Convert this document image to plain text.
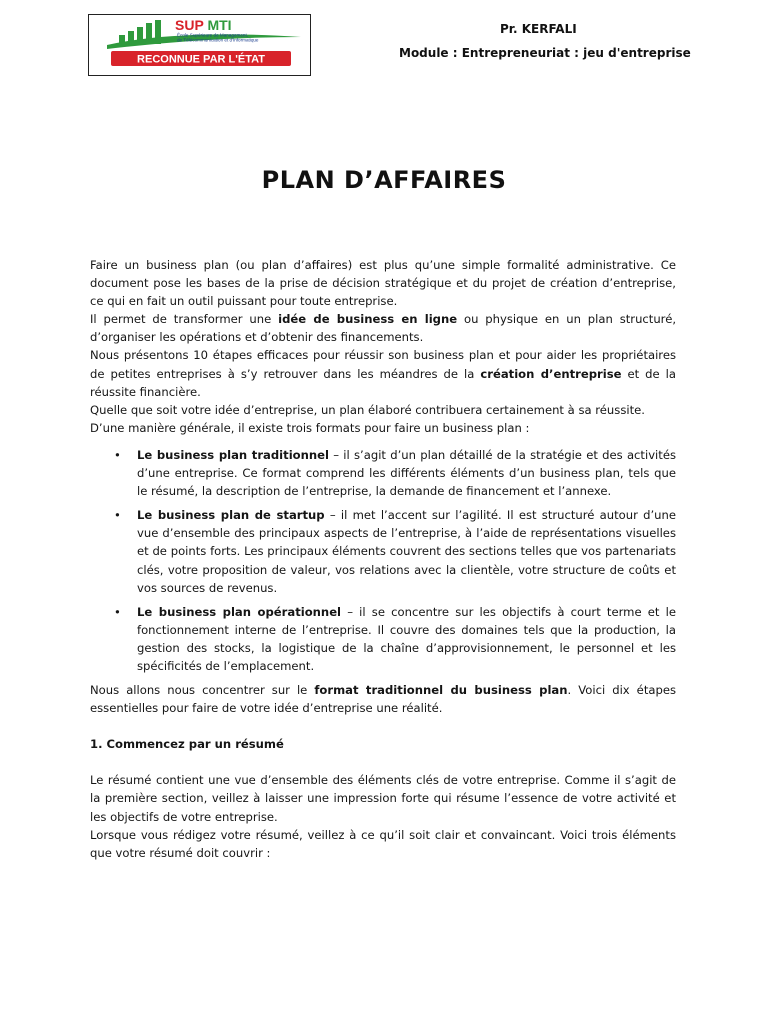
SUP MTI
École Supérieure de Management,
de Télécommunication et d'Informatique
RECONNUE PAR L'ÉTAT
Pr. KERFALI
Module : Entrepreneuriat : jeu d'entreprise
PLAN D’AFFAIRES

Faire un business plan (ou plan d’affaires) est plus qu’une simple formalité administrative. Ce document pose les bases de la prise de décision stratégique et du projet de création d’entreprise, ce qui en fait un outil puissant pour toute entreprise.

Il permet de transformer une idée de business en ligne ou physique en un plan structuré, d’organiser les opérations et d’obtenir des financements.

Nous présentons 10 étapes efficaces pour réussir son business plan et pour aider les propriétaires de petites entreprises à s’y retrouver dans les méandres de la création d’entreprise et de la réussite financière.

Quelle que soit votre idée d’entreprise, un plan élaboré contribuera certainement à sa réussite.

D’une manière générale, il existe trois formats pour faire un business plan :

• Le business plan traditionnel – il s’agit d’un plan détaillé de la stratégie et des activités d’une entreprise. Ce format comprend les différents éléments d’un business plan, tels que le résumé, la description de l’entreprise, la demande de financement et l’annexe.
• Le business plan de startup – il met l’accent sur l’agilité. Il est structuré autour d’une vue d’ensemble des principaux aspects de l’entreprise, à l’aide de représentations visuelles et de points forts. Les principaux éléments couvrent des sections telles que vos partenariats clés, votre proposition de valeur, vos relations avec la clientèle, votre structure de coûts et vos sources de revenus.
• Le business plan opérationnel – il se concentre sur les objectifs à court terme et le fonctionnement interne de l’entreprise. Il couvre des domaines tels que la production, la gestion des stocks, la logistique de la chaîne d’approvisionnement, le personnel et les spécificités de l’emplacement.

Nous allons nous concentrer sur le format traditionnel du business plan. Voici dix étapes essentielles pour faire de votre idée d’entreprise une réalité.

1. Commencez par un résumé

Le résumé contient une vue d’ensemble des éléments clés de votre entreprise. Comme il s’agit de la première section, veillez à laisser une impression forte qui résume l’essence de votre activité et les objectifs de votre entreprise.

Lorsque vous rédigez votre résumé, veillez à ce qu’il soit clair et convaincant. Voici trois éléments que votre résumé doit couvrir :
